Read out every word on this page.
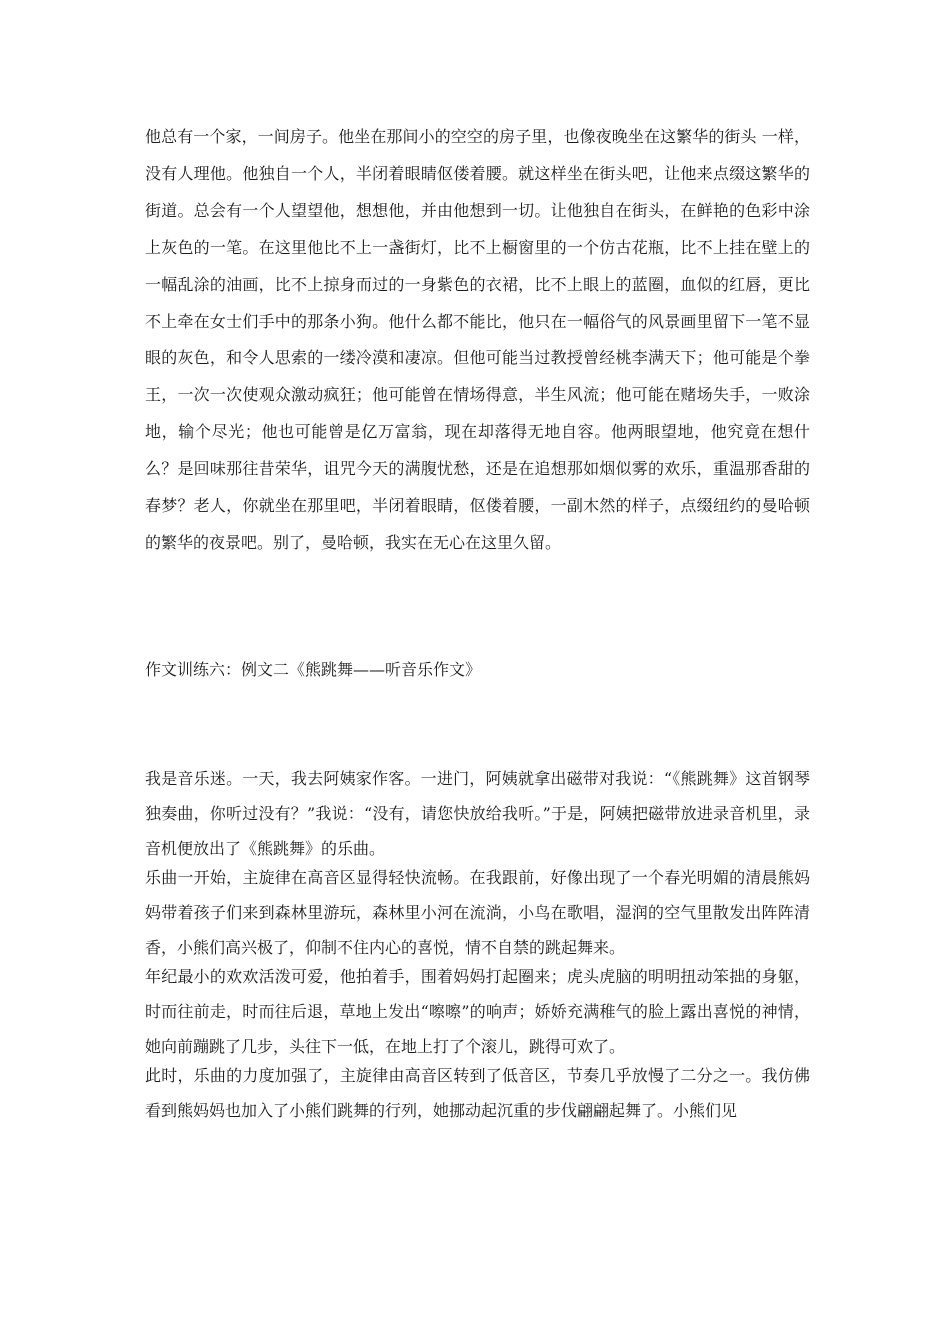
他总有一个家，一间房子。他坐在那间小的空空的房子里，也像夜晚坐在这繁华的街头 一样，没有人理他。他独自一个人，半闭着眼睛伛偻着腰。就这样坐在街头吧，让他来点缀这繁华的街道。总会有一个人望望他，想想他，并由他想到一切。让他独自在街头，在鲜艳的色彩中涂上灰色的一笔。在这里他比不上一盏街灯，比不上橱窗里的一个仿古花瓶，比不上挂在壁上的一幅乱涂的油画，比不上掠身而过的一身紫色的衣裙，比不上眼上的蓝圈，血似的红唇，更比不上牵在女士们手中的那条小狗。他什么都不能比，他只在一幅俗气的风景画里留下一笔不显眼的灰色，和令人思索的一缕冷漠和凄凉。但他可能当过教授曾经桃李满天下；他可能是个拳王，一次一次使观众激动疯狂；他可能曾在情场得意，半生风流；他可能在赌场失手，一败涂地，输个尽光；他也可能曾是亿万富翁，现在却落得无地自容。他两眼望地，他究竟在想什么？是回味那往昔荣华，诅咒今天的满腹忧愁，还是在追想那如烟似雾的欢乐，重温那香甜的春梦？老人，你就坐在那里吧，半闭着眼睛，伛偻着腰，一副木然的样子，点缀纽约的曼哈顿的繁华的夜景吧。别了，曼哈顿，我实在无心在这里久留。

作文训练六：例文二《熊跳舞——听音乐作文》

我是音乐迷。一天，我去阿姨家作客。一进门，阿姨就拿出磁带对我说：“《熊跳舞》这首钢琴独奏曲，你听过没有？”我说：“没有，请您快放给我听。”于是，阿姨把磁带放进录音机里，录音机便放出了《熊跳舞》的乐曲。

乐曲一开始，主旋律在高音区显得轻快流畅。在我跟前，好像出现了一个春光明媚的清晨熊妈妈带着孩子们来到森林里游玩，森林里小河在流淌，小鸟在歌唱，湿润的空气里散发出阵阵清香，小熊们高兴极了，仰制不住内心的喜悦，情不自禁的跳起舞来。

年纪最小的欢欢活泼可爱，他拍着手，围着妈妈打起圈来；虎头虎脑的明明扭动笨拙的身躯，时而往前走，时而往后退，草地上发出“嚓嚓”的响声；娇娇充满稚气的脸上露出喜悦的神情，她向前蹦跳了几步，头往下一低，在地上打了个滚儿，跳得可欢了。

此时，乐曲的力度加强了，主旋律由高音区转到了低音区，节奏几乎放慢了二分之一。我仿佛看到熊妈妈也加入了小熊们跳舞的行列，她挪动起沉重的步伐翩翩起舞了。小熊们见
